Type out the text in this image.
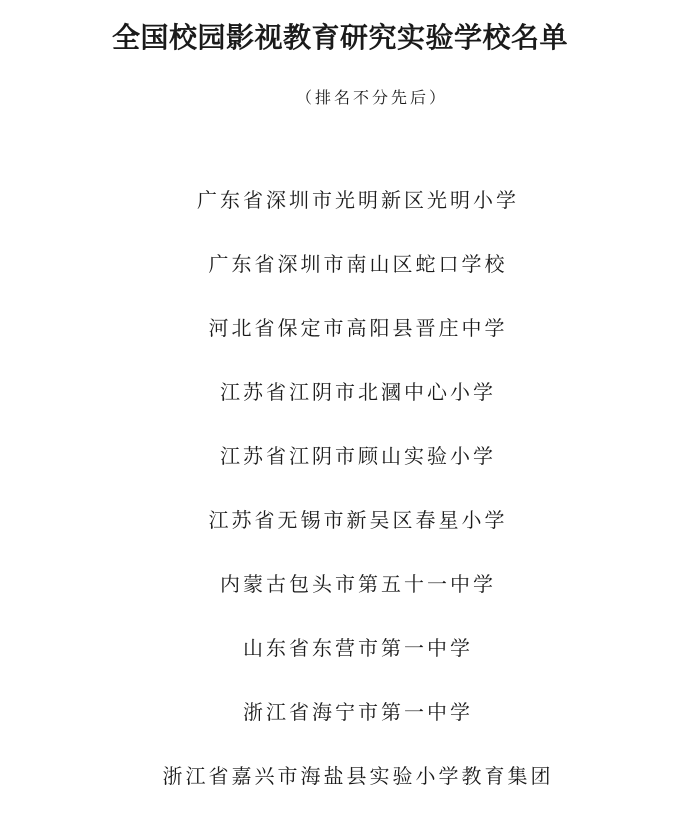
全国校园影视教育研究实验学校名单
（排名不分先后）
广东省深圳市光明新区光明小学
广东省深圳市南山区蛇口学校
河北省保定市高阳县晋庄中学
江苏省江阴市北漍中心小学
江苏省江阴市顾山实验小学
江苏省无锡市新吴区春星小学
内蒙古包头市第五十一中学
山东省东营市第一中学
浙江省海宁市第一中学
浙江省嘉兴市海盐县实验小学教育集团
